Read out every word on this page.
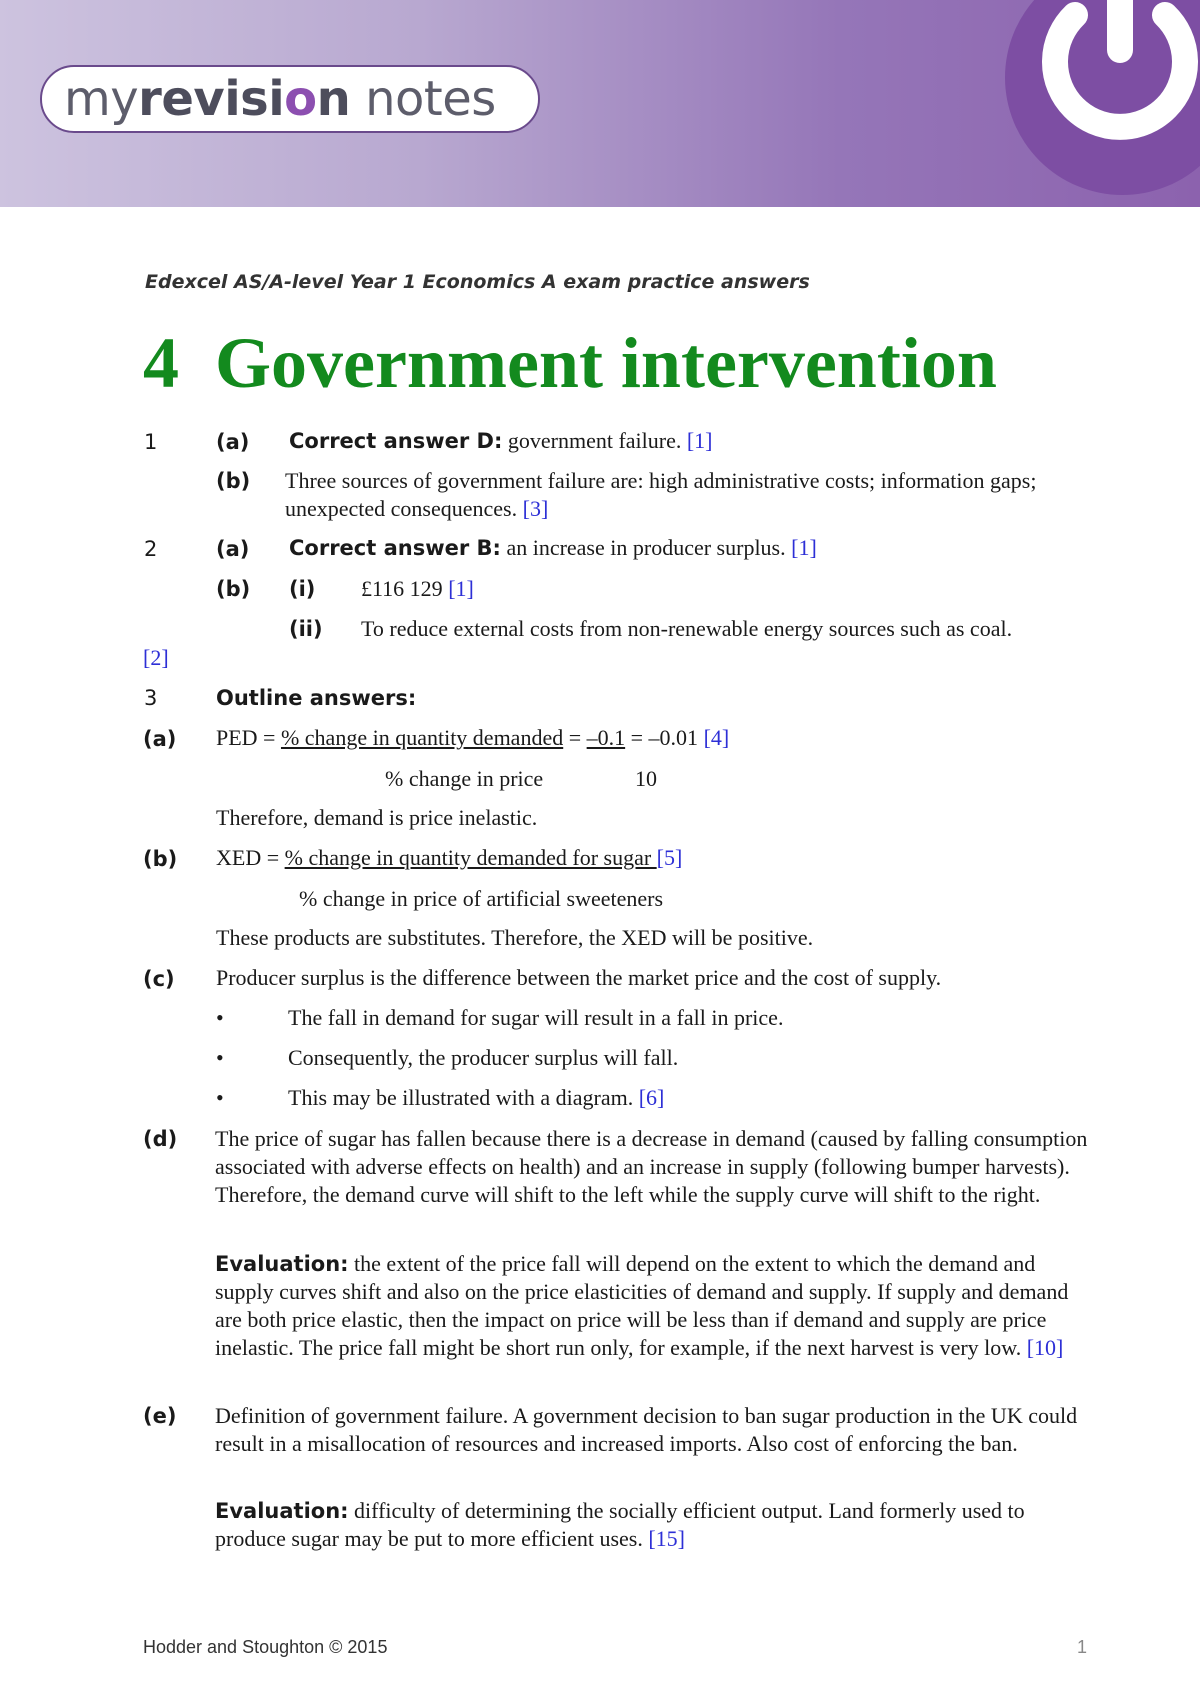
my revisi o n
notes
Edexcel AS/A-level Year 1 Economics A exam practice answers
4  Government intervention
1	(a) Correct answer D: government failure. [1]
(b) Three sources of government failure are: high administrative costs; information gaps; unexpected consequences. [3]
2	(a) Correct answer B: an increase in producer surplus. [1]
(b) (i) £116 129 [1]
(ii) To reduce external costs from non-renewable energy sources such as coal.
[2]
3	Outline answers:
(a) PED = % change in quantity demanded = –0.1 = –0.01 [4]
% change in price	10
Therefore, demand is price inelastic.
(b) XED = % change in quantity demanded for sugar [5]
% change in price of artificial sweeteners
These products are substitutes. Therefore, the XED will be positive.
(c) Producer surplus is the difference between the market price and the cost of supply.
•	The fall in demand for sugar will result in a fall in price.
•	Consequently, the producer surplus will fall.
•	This may be illustrated with a diagram. [6]
(d) The price of sugar has fallen because there is a decrease in demand (caused by falling consumption associated with adverse effects on health) and an increase in supply (following bumper harvests). Therefore, the demand curve will shift to the left while the supply curve will shift to the right.
Evaluation: the extent of the price fall will depend on the extent to which the demand and supply curves shift and also on the price elasticities of demand and supply. If supply and demand are both price elastic, then the impact on price will be less than if demand and supply are price inelastic. The price fall might be short run only, for example, if the next harvest is very low. [10]
(e) Definition of government failure. A government decision to ban sugar production in the UK could result in a misallocation of resources and increased imports. Also cost of enforcing the ban.
Evaluation: difficulty of determining the socially efficient output. Land formerly used to produce sugar may be put to more efficient uses. [15]
Hodder and Stoughton © 2015	1
